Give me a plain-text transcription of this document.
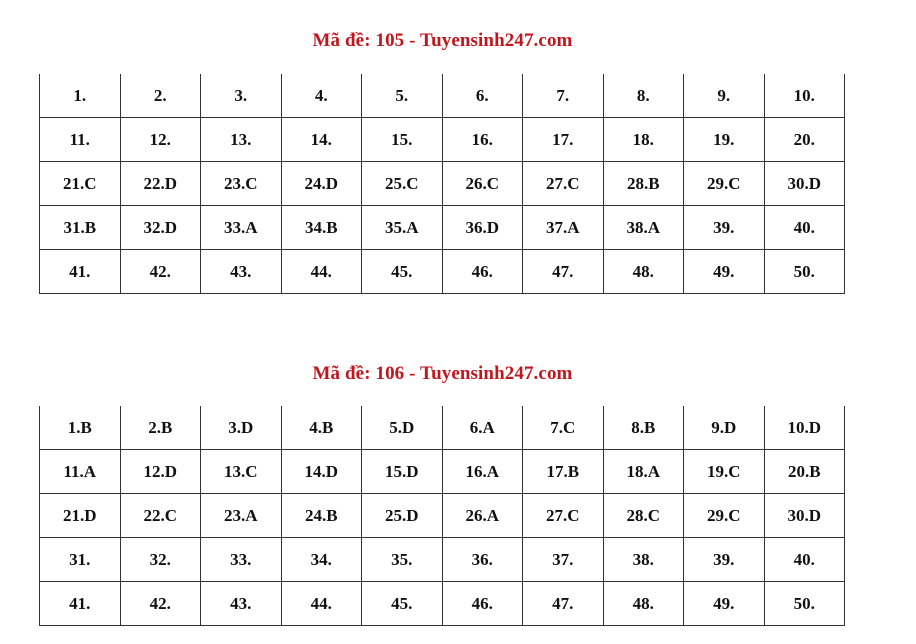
Mã đề: 105 - Tuyensinh247.com
1.	2.	3.	4.	5.	6.	7.	8.	9.	10.
11.	12.	13.	14.	15.	16.	17.	18.	19.	20.
21.C	22.D	23.C	24.D	25.C	26.C	27.C	28.B	29.C	30.D
31.B	32.D	33.A	34.B	35.A	36.D	37.A	38.A	39.	40.
41.	42.	43.	44.	45.	46.	47.	48.	49.	50.
Mã đề: 106 - Tuyensinh247.com
1.B	2.B	3.D	4.B	5.D	6.A	7.C	8.B	9.D	10.D
11.A	12.D	13.C	14.D	15.D	16.A	17.B	18.A	19.C	20.B
21.D	22.C	23.A	24.B	25.D	26.A	27.C	28.C	29.C	30.D
31.	32.	33.	34.	35.	36.	37.	38.	39.	40.
41.	42.	43.	44.	45.	46.	47.	48.	49.	50.
